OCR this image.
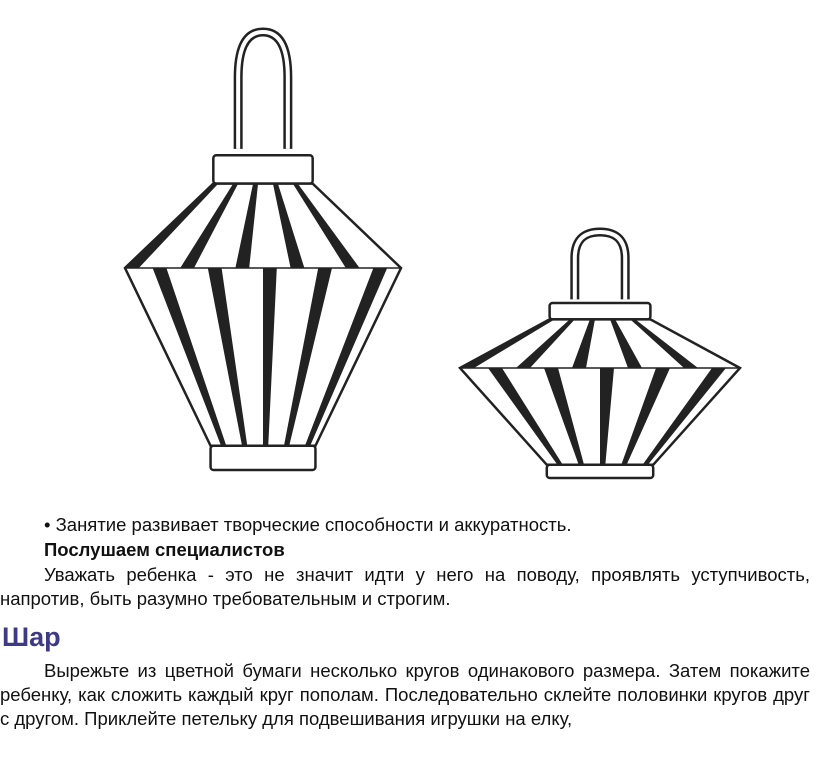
• Занятие развивает творческие способности и аккуратность.
Послушаем специалистов

Уважать ребенка - это не значит идти у него на поводу, проявлять уступчивость, напротив, быть разумно требовательным и строгим.

Шар

Вырежьте из цветной бумаги несколько кругов одинакового размера. Затем покажите ребенку, как сложить каждый круг пополам. Последовательно склейте половинки кругов друг с другом. Приклейте петельку для подвешивания игрушки на елку,
